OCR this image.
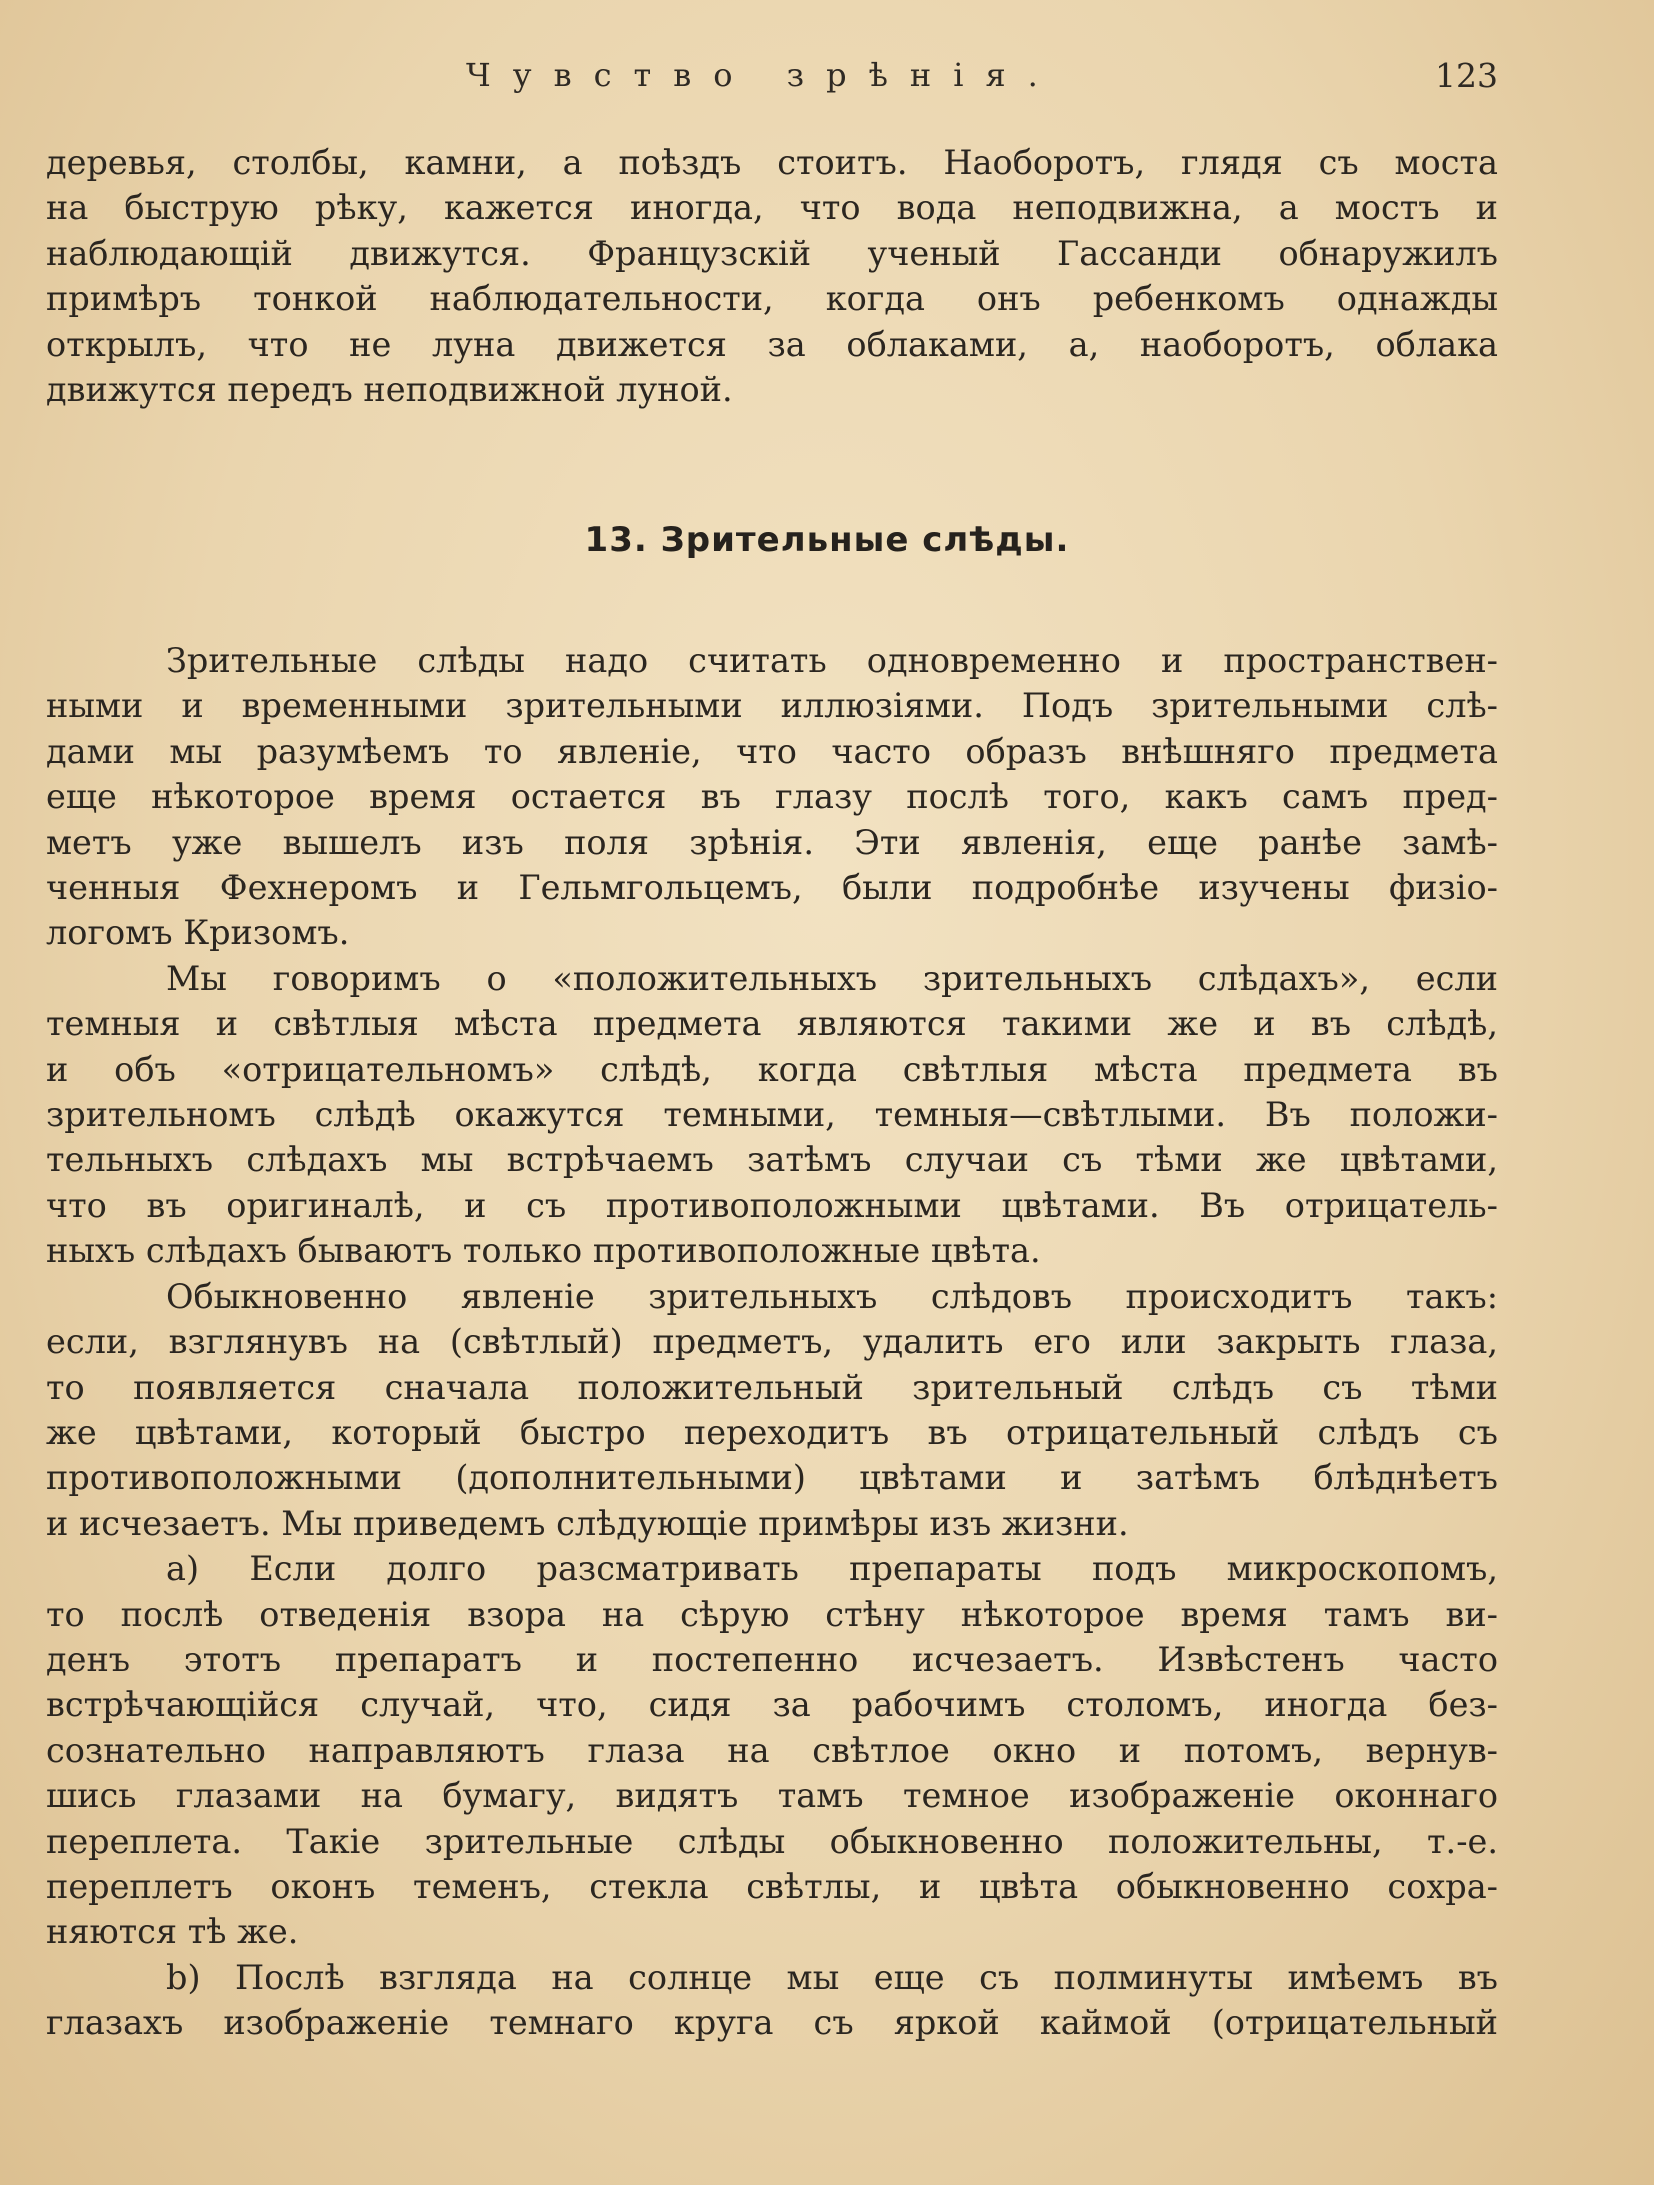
Чувство зрѣнія.	123

деревья, столбы, камни, а поѣздъ стоитъ. Наоборотъ, глядя съ моста

на быструю рѣку, кажется иногда, что вода неподвижна, а мостъ и

наблюдающій движутся. Французскій ученый Гассанди обнаружилъ

примѣръ тонкой наблюдательности, когда онъ ребенкомъ однажды

открылъ, что не луна движется за облаками, а, наоборотъ, облака

движутся передъ неподвижной луной.

13. Зрительные слѣды.

Зрительные слѣды надо считать одновременно и пространствен-

ными и временными зрительными иллюзіями. Подъ зрительными слѣ-

дами мы разумѣемъ то явленіе, что часто образъ внѣшняго предмета

еще нѣкоторое время остается въ глазу послѣ того, какъ самъ пред-

метъ уже вышелъ изъ поля зрѣнія. Эти явленія, еще ранѣе замѣ-

ченныя Фехнеромъ и Гельмгольцемъ, были подробнѣе изучены физіо-

логомъ Кризомъ.

Мы говоримъ о «положительныхъ зрительныхъ слѣдахъ», если

темныя и свѣтлыя мѣста предмета являются такими же и въ слѣдѣ,

и объ «отрицательномъ» слѣдѣ, когда свѣтлыя мѣста предмета въ

зрительномъ слѣдѣ окажутся темными, темныя—свѣтлыми. Въ положи-

тельныхъ слѣдахъ мы встрѣчаемъ затѣмъ случаи съ тѣми же цвѣтами,

что въ оригиналѣ, и съ противоположными цвѣтами. Въ отрицатель-

ныхъ слѣдахъ бываютъ только противоположные цвѣта.

Обыкновенно явленіе зрительныхъ слѣдовъ происходитъ такъ:

если, взглянувъ на (свѣтлый) предметъ, удалить его или закрыть глаза,

то появляется сначала положительный зрительный слѣдъ съ тѣми

же цвѣтами, который быстро переходитъ въ отрицательный слѣдъ съ

противоположными (дополнительными) цвѣтами и затѣмъ блѣднѣетъ

и исчезаетъ. Мы приведемъ слѣдующіе примѣры изъ жизни.

a) Если долго разсматривать препараты подъ микроскопомъ,

то послѣ отведенія взора на сѣрую стѣну нѣкоторое время тамъ ви-

денъ этотъ препаратъ и постепенно исчезаетъ. Извѣстенъ часто

встрѣчающійся случай, что, сидя за рабочимъ столомъ, иногда без-

сознательно направляютъ глаза на свѣтлое окно и потомъ, вернув-

шись глазами на бумагу, видятъ тамъ темное изображеніе оконнаго

переплета. Такіе зрительные слѣды обыкновенно положительны, т.-е.

переплетъ оконъ теменъ, стекла свѣтлы, и цвѣта обыкновенно сохра-

няются тѣ же.

b) Послѣ взгляда на солнце мы еще съ полминуты имѣемъ въ

глазахъ изображеніе темнаго круга съ яркой каймой (отрицательный
